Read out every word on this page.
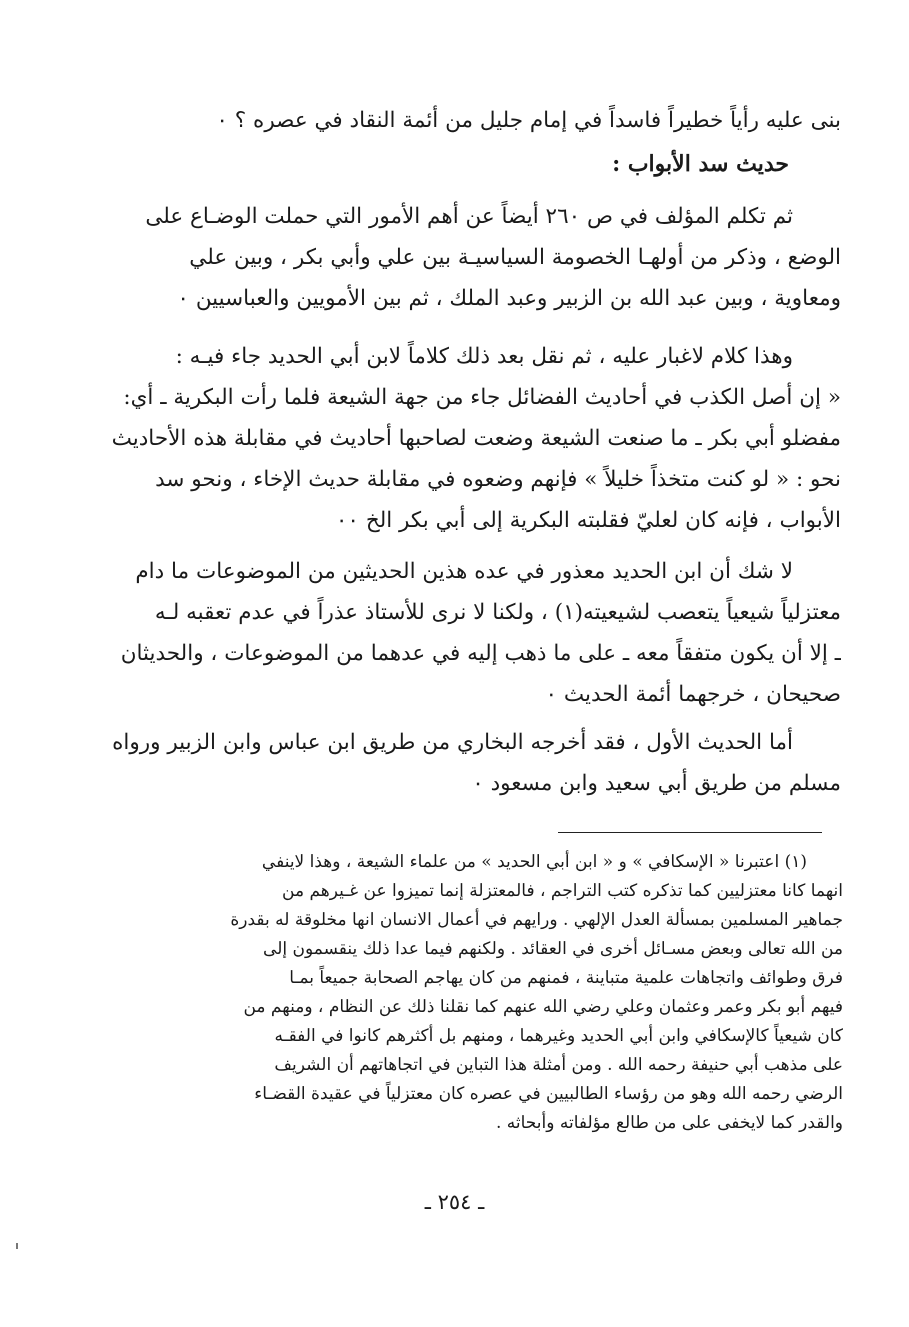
بنى عليه رأياً خطيراً فاسداً في إمام جليل من أئمة النقاد في عصره ؟ ٠
حديث سد الأبواب :
ثم تكلم المؤلف في ص ٢٦٠ أيضاً عن أهم الأمور التي حملت الوضـاع على
الوضع ، وذكر من أولهـا الخصومة السياسيـة بين علي وأبي بكر ، وبين علي
ومعاوية ، وبين عبد الله بن الزبير وعبد الملك ، ثم بين الأمويين والعباسيين ٠
وهذا كلام لاغبار عليه ، ثم نقل بعد ذلك كلاماً لابن أبي الحديد جاء فيـه :
« إن أصل الكذب في أحاديث الفضائل جاء من جهة الشيعة فلما رأت البكرية ـ أي:
مفضلو أبي بكر ـ ما صنعت الشيعة وضعت لصاحبها أحاديث في مقابلة هذه الأحاديث
نحو : « لو كنت متخذاً خليلاً » فإنهم وضعوه في مقابلة حديث الإخاء ، ونحو سد
الأبواب ، فإنه كان لعليّ فقلبته البكرية إلى أبي بكر الخ ٠٠
لا شك أن ابن الحديد معذور في عده هذين الحديثين من الموضوعات ما دام
معتزلياً شيعياً يتعصب لشيعيته(١) ، ولكنا لا نرى للأستاذ عذراً في عدم تعقبه لـه
ـ إلا أن يكون متفقاً معه ـ على ما ذهب إليه في عدهما من الموضوعات ، والحديثان
صحيحان ، خرجهما أئمة الحديث ٠
أما الحديث الأول ، فقد أخرجه البخاري من طريق ابن عباس وابن الزبير ورواه
مسلم من طريق أبي سعيد وابن مسعود ٠
(١) اعتبرنا « الإسكافي » و « ابن أبي الحديد » من علماء الشيعة ، وهذا لاينفي
انهما كانا معتزليين كما تذكره كتب التراجم ، فالمعتزلة إنما تميزوا عن غـيرهم من
جماهير المسلمين بمسألة العدل الإلهي . ورايهم في أعمال الانسان انها مخلوقة له بقدرة
من الله تعالى وبعض مسـائل أخرى في العقائد . ولكنهم فيما عدا ذلك ينقسمون إلى
فرق وطوائف واتجاهات علمية متباينة ، فمنهم من كان يهاجم الصحابة جميعاً بمـا
فيهم أبو بكر وعمر وعثمان وعلي رضي الله عنهم كما نقلنا ذلك عن النظام ، ومنهم من
كان شيعياً كالإسكافي وابن أبي الحديد وغيرهما ، ومنهم بل أكثرهم كانوا في الفقـه
على مذهب أبي حنيفة رحمه الله . ومن أمثلة هذا التباين في اتجاهاتهم أن الشريف
الرضي رحمه الله وهو من رؤساء الطالبيين في عصره كان معتزلياً في عقيدة القضـاء
والقدر كما لايخفى على من طالع مؤلفاته وأبحاثه .
ـ ٢٥٤ ـ
